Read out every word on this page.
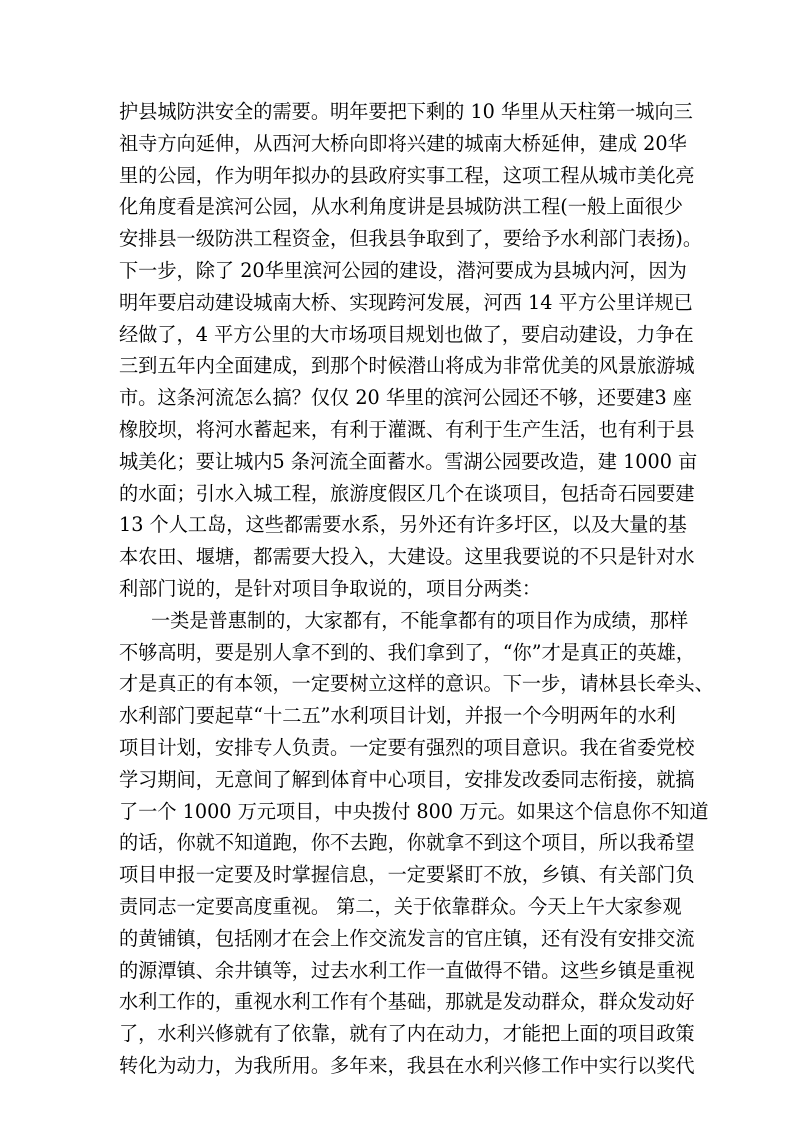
护县城防洪安全的需要。明年要把下剩的 10 华里从天柱第一城向三
祖寺方向延伸，从西河大桥向即将兴建的城南大桥延伸，建成 20华
里的公园，作为明年拟办的县政府实事工程，这项工程从城市美化亮
化角度看是滨河公园，从水利角度讲是县城防洪工程(一般上面很少
安排县一级防洪工程资金，但我县争取到了，要给予水利部门表扬)。
下一步，除了 20华里滨河公园的建设，潜河要成为县城内河，因为
明年要启动建设城南大桥、实现跨河发展，河西 14 平方公里详规已
经做了，4 平方公里的大市场项目规划也做了，要启动建设，力争在
三到五年内全面建成，到那个时候潜山将成为非常优美的风景旅游城
市。这条河流怎么搞？仅仅 20 华里的滨河公园还不够，还要建3 座
橡胶坝，将河水蓄起来，有利于灌溉、有利于生产生活，也有利于县
城美化；要让城内5 条河流全面蓄水。雪湖公园要改造，建 1000 亩
的水面；引水入城工程，旅游度假区几个在谈项目，包括奇石园要建
13 个人工岛，这些都需要水系，另外还有许多圩区，以及大量的基
本农田、堰塘，都需要大投入，大建设。这里我要说的不只是针对水
利部门说的，是针对项目争取说的，项目分两类：
一类是普惠制的，大家都有，不能拿都有的项目作为成绩，那样
不够高明，要是别人拿不到的、我们拿到了，“你”才是真正的英雄，
才是真正的有本领，一定要树立这样的意识。下一步，请林县长牵头、
水利部门要起草“十二五”水利项目计划，并报一个今明两年的水利
项目计划，安排专人负责。一定要有强烈的项目意识。我在省委党校
学习期间，无意间了解到体育中心项目，安排发改委同志衔接，就搞
了一个 1000 万元项目，中央拨付 800 万元。如果这个信息你不知道
的话，你就不知道跑，你不去跑，你就拿不到这个项目，所以我希望
项目申报一定要及时掌握信息，一定要紧盯不放，乡镇、有关部门负
责同志一定要高度重视。 第二，关于依靠群众。今天上午大家参观
的黄铺镇，包括刚才在会上作交流发言的官庄镇，还有没有安排交流
的源潭镇、余井镇等，过去水利工作一直做得不错。这些乡镇是重视
水利工作的，重视水利工作有个基础，那就是发动群众，群众发动好
了，水利兴修就有了依靠，就有了内在动力，才能把上面的项目政策
转化为动力，为我所用。多年来，我县在水利兴修工作中实行以奖代
